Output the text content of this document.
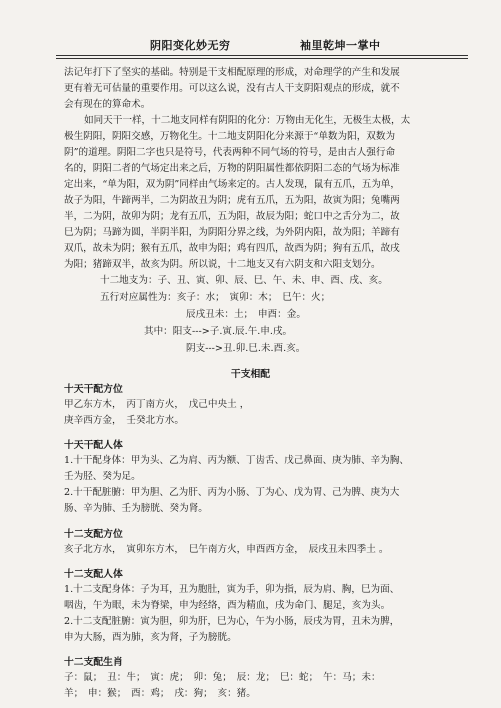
阴阳变化妙无穷	袖里乾坤一掌中
法记年打下了坚实的基础。特别是干支相配原理的形成，对命理学的产生和发展
更有着无可估量的重要作用。可以这么说，没有古人干支阴阳观点的形成，就不
会有现在的算命术。
如同天干一样，十二地支同样有阴阳的化分：万物由无化生，无极生太极，太
极生阴阳，阴阳交感，万物化生。十二地支阴阳化分来源于“单数为阳，双数为
阴”的道理。阴阳二字也只是符号，代表两种不同气场的符号，是由古人强行命
名的，阴阳二者的气场定出来之后，万物的阴阳属性都依阴阳二态的气场为标准
定出来，“单为阳，双为阴”同样由气场来定的。古人发现，鼠有五爪，五为单，
故子为阳，牛蹄两半，二为阴故丑为阴；虎有五爪，五为阳，故寅为阳；兔嘴两
半，二为阴，故卯为阴；龙有五爪，五为阳，故辰为阳；蛇口中之舌分为二，故
巳为阴；马蹄为圆，半阴半阳，为阴阳分界之线，为外阴内阳，故为阳；羊蹄有
双爪，故未为阴；猴有五爪，故申为阳；鸡有四爪，故酉为阴；狗有五爪，故戌
为阳；猪蹄双半，故亥为阴。所以说，十二地支又有六阴支和六阳支划分。
十二地支为：子、丑、寅、卯、辰、巳、午、未、申、酉、戌、亥。
五行对应属性为：亥子：水；　寅卯：木；　巳午：火；
辰戌丑未：土；　申酉：金。
其中：阳支--->子.寅.辰.午.申.戌。
阴支--->丑.卯.巳.未.酉.亥。
干支相配
十天干配方位
甲乙东方木，　丙丁南方火，　戊己中央土 ，
庚辛西方金，　壬癸北方水。
十天干配人体
1.十干配身体：甲为头、乙为肩、丙为额、丁齿舌、戊己鼻面、庚为肺、辛为胸、
壬为胫、癸为足。
2.十干配脏腑：甲为胆、乙为肝、丙为小肠、丁为心、戊为胃、己为脾、庚为大
肠、辛为肺、壬为膀胱、癸为肾。
十二支配方位
亥子北方水，　寅卯东方木，　巳午南方火，申酉西方金，　辰戌丑未四季土 。
十二支配人体
1.十二支配身体：子为耳，丑为胞肚，寅为手，卯为指，辰为肩、胸，巳为面、
咽齿，午为眼，未为脊梁，申为经络，酉为精血，戌为命门、腿足，亥为头。
2.十二支配脏腑：寅为胆，卯为肝，巳为心，午为小肠，辰戌为胃，丑未为脾，
申为大肠，酉为肺，亥为肾，子为膀胱。
十二支配生肖
子：鼠；　丑：牛；　寅：虎；　卯：兔；　辰：龙；　巳：蛇；　午：马；未：
羊；　申：猴；　酉：鸡；　戌：狗；　亥：猪。
